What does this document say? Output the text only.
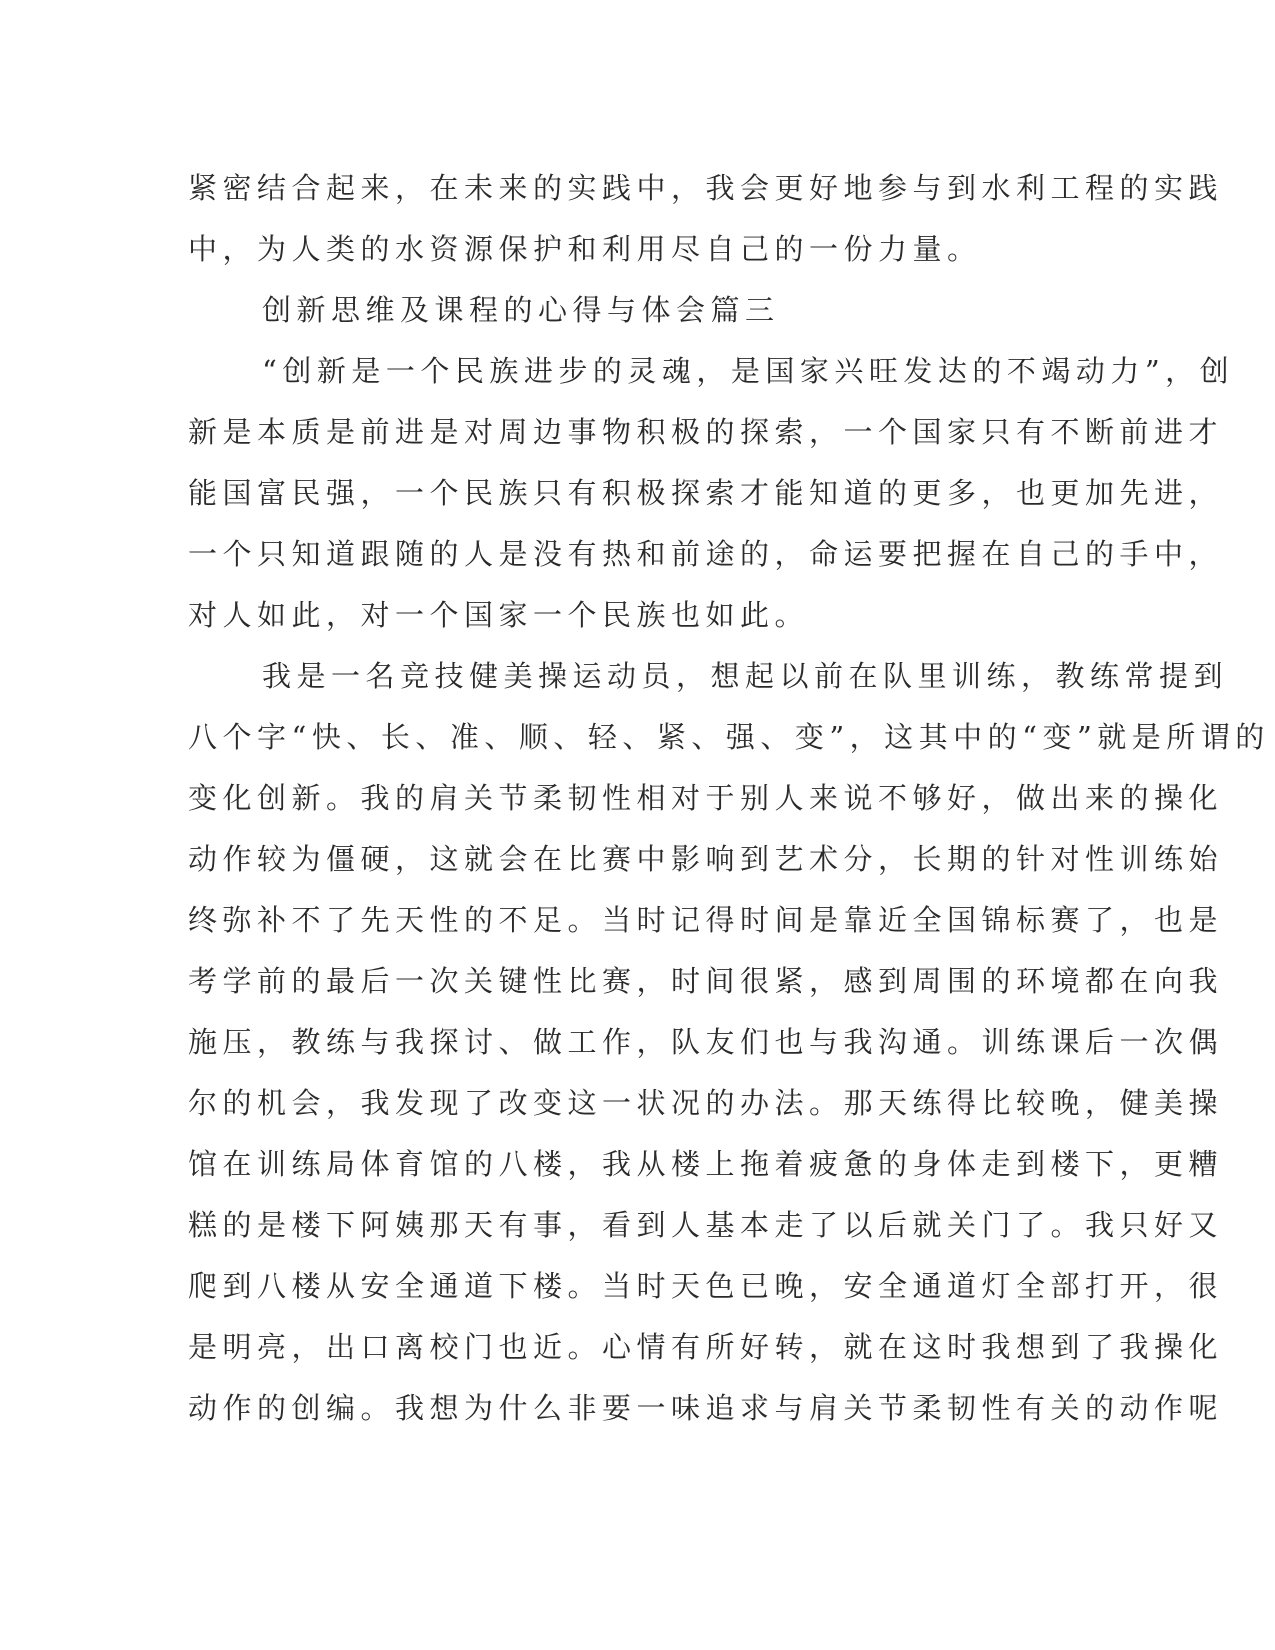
紧密结合起来，在未来的实践中，我会更好地参与到水利工程的实践
中，为人类的水资源保护和利用尽自己的一份力量。
创新思维及课程的心得与体会篇三
“创新是一个民族进步的灵魂，是国家兴旺发达的不竭动力”，创
新是本质是前进是对周边事物积极的探索，一个国家只有不断前进才
能国富民强，一个民族只有积极探索才能知道的更多，也更加先进，
一个只知道跟随的人是没有热和前途的，命运要把握在自己的手中，
对人如此，对一个国家一个民族也如此。
我是一名竞技健美操运动员，想起以前在队里训练，教练常提到
八个字“快、长、准、顺、轻、紧、强、变”，这其中的“变”就是所谓的
变化创新。我的肩关节柔韧性相对于别人来说不够好，做出来的操化
动作较为僵硬，这就会在比赛中影响到艺术分，长期的针对性训练始
终弥补不了先天性的不足。当时记得时间是靠近全国锦标赛了，也是
考学前的最后一次关键性比赛，时间很紧，感到周围的环境都在向我
施压，教练与我探讨、做工作，队友们也与我沟通。训练课后一次偶
尔的机会，我发现了改变这一状况的办法。那天练得比较晚，健美操
馆在训练局体育馆的八楼，我从楼上拖着疲惫的身体走到楼下，更糟
糕的是楼下阿姨那天有事，看到人基本走了以后就关门了。我只好又
爬到八楼从安全通道下楼。当时天色已晚，安全通道灯全部打开，很
是明亮，出口离校门也近。心情有所好转，就在这时我想到了我操化
动作的创编。我想为什么非要一味追求与肩关节柔韧性有关的动作呢
